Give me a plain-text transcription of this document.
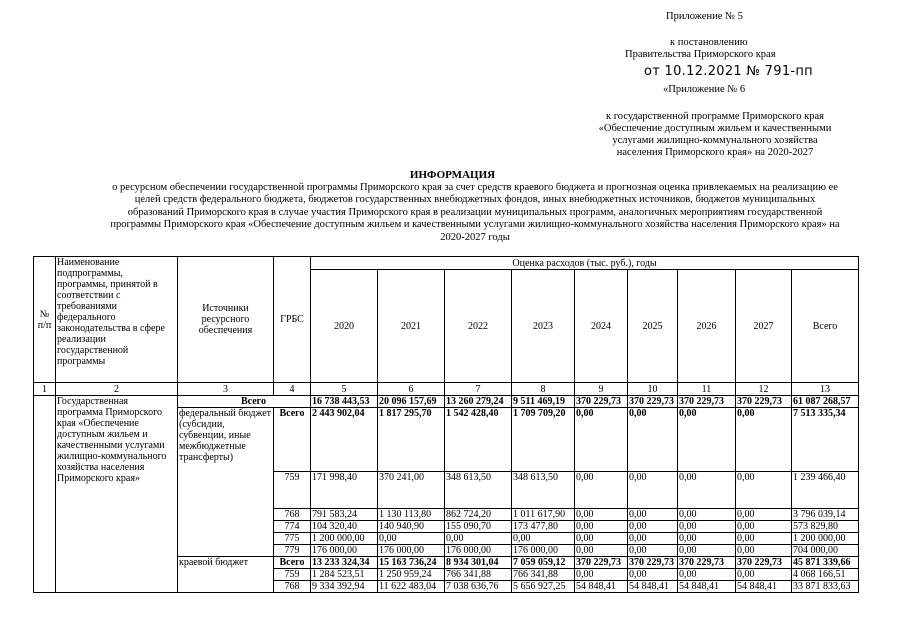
Приложение № 5
к постановлению
Правительства Приморского края
от 10.12.2021 № 791-пп
«Приложение № 6
к государственной программе Приморского края
«Обеспечение доступным жильем и качественными
услугами жилищно-коммунального хозяйства
населения Приморского края» на 2020-2027
ИНФОРМАЦИЯ
о ресурсном обеспечении государственной программы Приморского края за счет средств краевого бюджета и прогнозная оценка привлекаемых на реализацию ее целей средств федерального бюджета, бюджетов государственных внебюджетных фондов, иных внебюджетных источников, бюджетов муниципальных образований Приморского края в случае участия Приморского края в реализации муниципальных программ, аналогичных мероприятиям государственной программы Приморского края «Обеспечение доступным жильем и качественными услугами жилищно-коммунального хозяйства населения Приморского края» на 2020-2027 годы
№ п/п	Наименование подпрограммы, программы, принятой в соответствии с требованиями федерального законодательства в сфере реализации государственной программы	Источники ресурсного обеспечения	ГРБС	Оценка расходов (тыс. руб.), годы								
				2020	2021	2022	2023	2024	2025	2026	2027	Всего
1	2	3	4	5	6	7	8	9	10	11	12	13
	Государственная программа Приморского края «Обеспечение доступным жильем и качественными услугами жилищно-коммунального хозяйства населения Приморского края»	Всего		16 738 443,53	20 096 157,69	13 260 279,24	9 511 469,19	370 229,73	370 229,73	370 229,73	370 229,73	61 087 268,57
		федеральный бюджет (субсидии, субвенции, иные межбюджетные трансферты)	Всего	2 443 902,04	1 817 295,70	1 542 428,40	1 709 709,20	0,00	0,00	0,00	0,00	7 513 335,34
			759	171 998,40	370 241,00	348 613,50	348 613,50	0,00	0,00	0,00	0,00	1 239 466,40
			768	791 583,24	1 130 113,80	862 724,20	1 011 617,90	0,00	0,00	0,00	0,00	3 796 039,14
			774	104 320,40	140 940,90	155 090,70	173 477,80	0,00	0,00	0,00	0,00	573 829,80
			775	1 200 000,00	0,00	0,00	0,00	0,00	0,00	0,00	0,00	1 200 000,00
			779	176 000,00	176 000,00	176 000,00	176 000,00	0,00	0,00	0,00	0,00	704 000,00
		краевой бюджет	Всего	13 233 324,34	15 163 736,24	8 934 301,04	7 059 059,12	370 229,73	370 229,73	370 229,73	370 229,73	45 871 339,66
			759	1 284 523,51	1 250 959,24	766 341,88	766 341,88	0,00	0,00	0,00	0,00	4 068 166,51
			768	9 334 392,94	11 622 483,04	7 038 636,76	5 656 927,25	54 848,41	54 848,41	54 848,41	54 848,41	33 871 833,63
